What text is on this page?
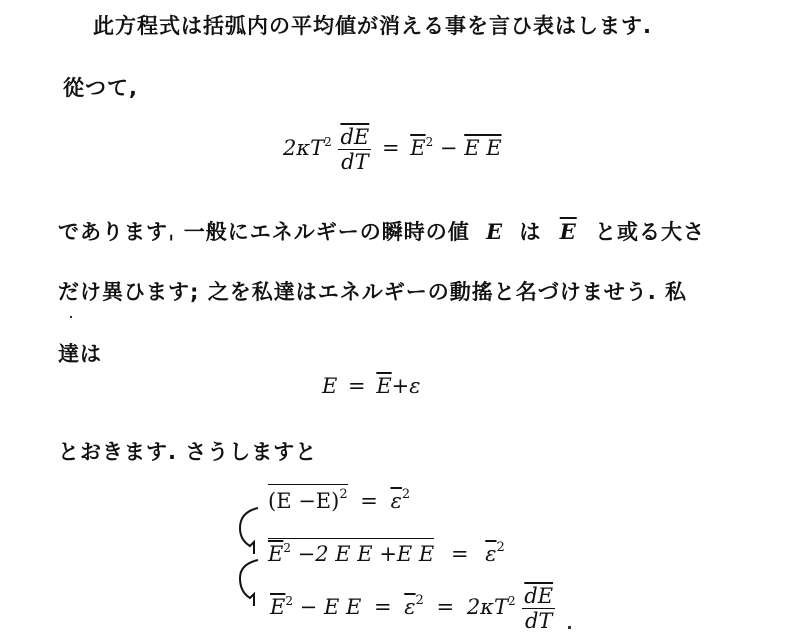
此方程式は括弧内の平均値が消える事を言ひ表はします.
從つて,
$2\kappa T^2 \frac{\overline{dE}}{dT} = \overline{E}^2 - E$ E
でありますˌ 一般にエネルギーの瞬時の値 E は $\overline{E}$ と或る大さ
だけ異ひます; 之を私達はエネルギーの動搖と名づけませう. 私
達は
$E = \overline{E}+\varepsilon$
とおきます. さうしますと
$(E -E)^2 = \overline{\varepsilon}^2$
$\overline{E}^2 -2$ E E +E $E = \overline{\varepsilon}^2$
$\overline{E}^2 - E$ $E = \overline{\varepsilon}^2 = 2\kappa T^2 \frac{\overline{dE}}{dT}$
